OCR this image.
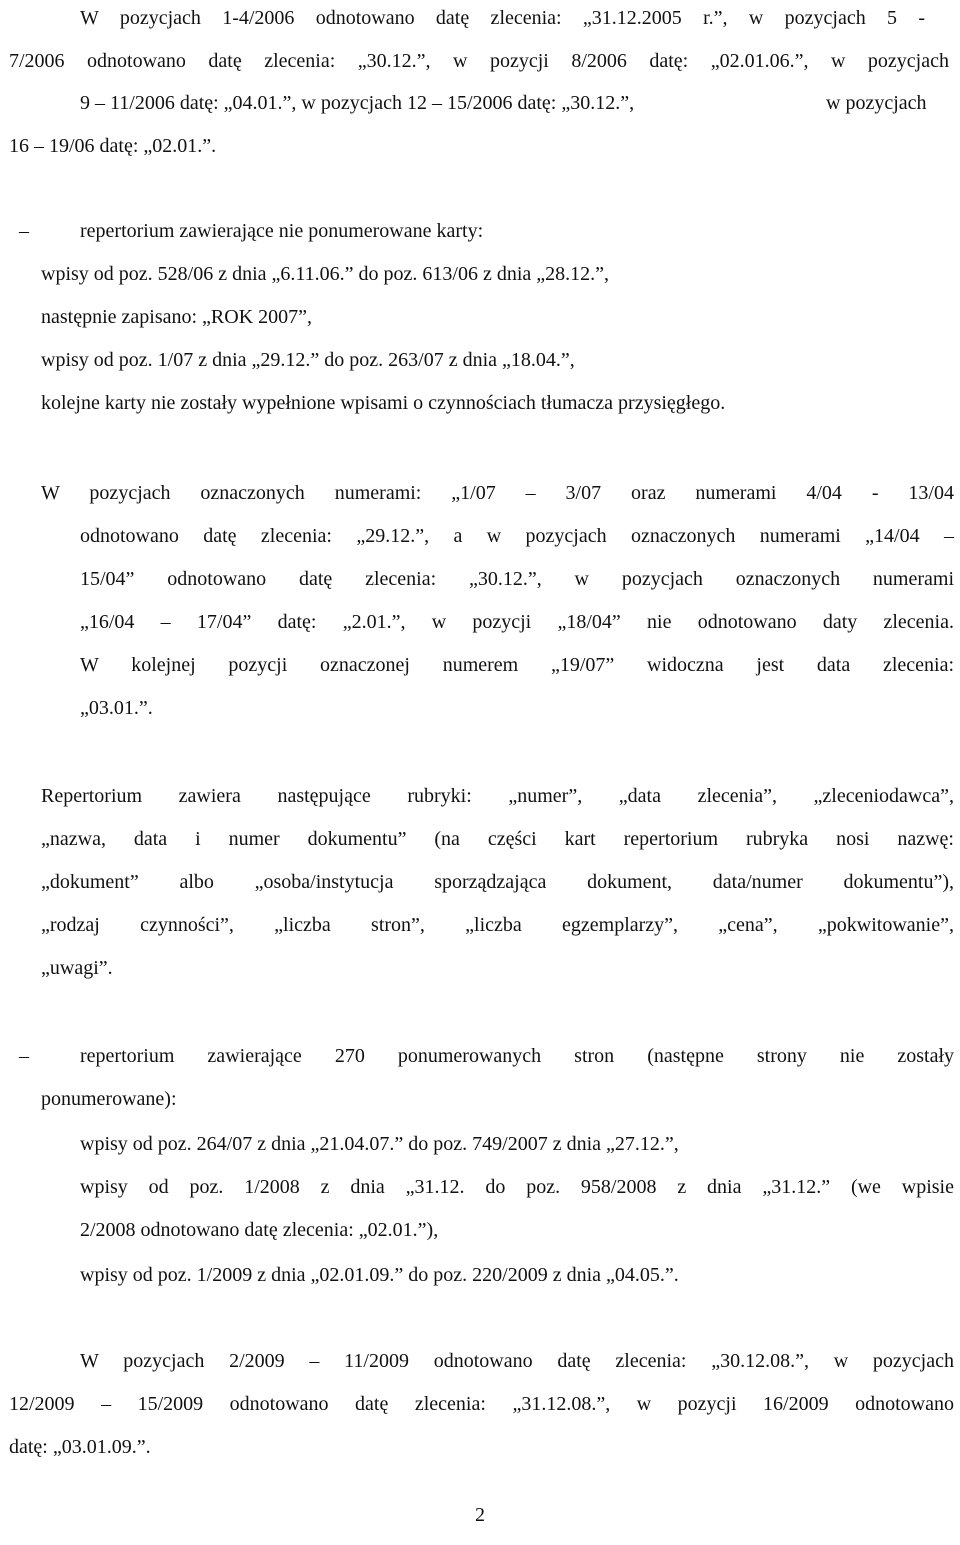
W pozycjach 1-4/2006 odnotowano datę zlecenia: „31.12.2005 r.”, w pozycjach 5 -
7/2006 odnotowano datę zlecenia: „30.12.”, w pozycji 8/2006 datę: „02.01.06.”, w pozycjach
9 – 11/2006 datę: „04.01.”, w pozycjach 12 – 15/2006 datę: „30.12.”,	w pozycjach
16 – 19/06 datę: „02.01.”.
–	repertorium zawierające nie ponumerowane karty:
wpisy od poz. 528/06 z dnia „6.11.06.” do poz. 613/06 z dnia „28.12.”,
następnie zapisano: „ROK 2007”,
wpisy od poz. 1/07 z dnia „29.12.” do poz. 263/07 z dnia „18.04.”,
kolejne karty nie zostały wypełnione wpisami o czynnościach tłumacza przysięgłego.
W pozycjach oznaczonych numerami: „1/07 – 3/07 oraz numerami 4/04 - 13/04
odnotowano datę zlecenia: „29.12.”, a w pozycjach oznaczonych numerami „14/04 –
15/04” odnotowano datę zlecenia: „30.12.”, w pozycjach oznaczonych numerami
„16/04 – 17/04” datę: „2.01.”, w pozycji „18/04” nie odnotowano daty zlecenia.
W kolejnej pozycji oznaczonej numerem „19/07” widoczna jest data zlecenia:
„03.01.”.
Repertorium zawiera następujące rubryki: „numer”, „data zlecenia”, „zleceniodawca”,
„nazwa, data i numer dokumentu” (na części kart repertorium rubryka nosi nazwę:
„dokument” albo „osoba/instytucja sporządzająca dokument, data/numer dokumentu”),
„rodzaj czynności”, „liczba stron”, „liczba egzemplarzy”, „cena”, „pokwitowanie”,
„uwagi”.
–	repertorium zawierające 270 ponumerowanych stron (następne strony nie zostały
ponumerowane):
wpisy od poz. 264/07 z dnia „21.04.07.” do poz. 749/2007 z dnia „27.12.”,
wpisy od poz. 1/2008 z dnia „31.12. do poz. 958/2008 z dnia „31.12.” (we wpisie
2/2008 odnotowano datę zlecenia: „02.01.”),
wpisy od poz. 1/2009 z dnia „02.01.09.” do poz. 220/2009 z dnia „04.05.”.
W pozycjach 2/2009 – 11/2009 odnotowano datę zlecenia: „30.12.08.”, w pozycjach
12/2009 – 15/2009 odnotowano datę zlecenia: „31.12.08.”, w pozycji 16/2009 odnotowano
datę: „03.01.09.”.
2
